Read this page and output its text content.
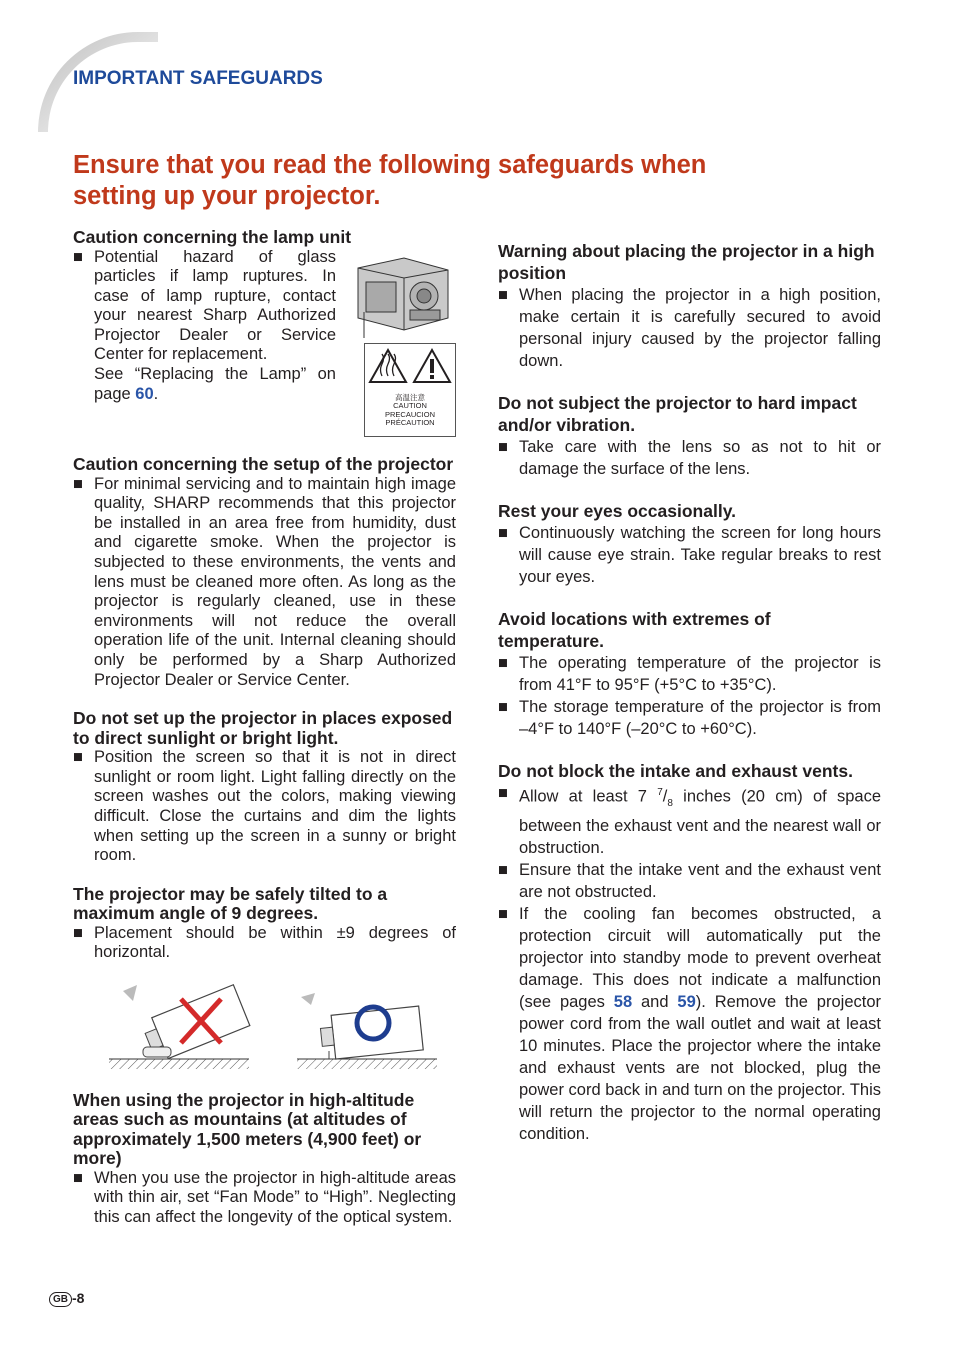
IMPORTANT SAFEGUARDS
Ensure that you read the following safeguards when
setting up your projector.
Caution concerning the lamp unit
高温注意
CAUTION
PRECAUCION
PRÉCAUTION
■ Potential hazard of glass particles if lamp ruptures. In case of lamp rupture, contact your nearest Sharp Authorized Projector Dealer or Service Center for replacement.

See “Replacing the Lamp” on page 60.

Caution concerning the setup of the projector
■ For minimal servicing and to maintain high image quality, SHARP recommends that this projector be installed in an area free from humidity, dust and cigarette smoke. When the projector is subjected to these environments, the vents and lens must be cleaned more often. As long as the projector is regularly cleaned, use in these environments will not reduce the overall operation life of the unit. Internal cleaning should only be performed by a Sharp Authorized Projector Dealer or Service Center.

Do not set up the projector in places exposed to direct sunlight or bright light.
■ Position the screen so that it is not in direct sunlight or room light. Light falling directly on the screen washes out the colors, making viewing difficult. Close the curtains and dim the lights when setting up the screen in a sunny or bright room.

The projector may be safely tilted to a maximum angle of 9 degrees.
■ Placement should be within ±9 degrees of horizontal.

When using the projector in high-altitude areas such as mountains (at altitudes of approximately 1,500 meters (4,900 feet) or more)
■ When you use the projector in high-altitude areas with thin air, set “Fan Mode” to “High”. Neglecting this can affect the longevity of the optical system.

Warning about placing the projector in a high position
■ When placing the projector in a high position, make certain it is carefully secured to avoid personal injury caused by the projector falling down.

Do not subject the projector to hard impact and/or vibration.
■ Take care with the lens so as not to hit or damage the surface of the lens.

Rest your eyes occasionally.
■ Continuously watching the screen for long hours will cause eye strain. Take regular breaks to rest your eyes.

Avoid locations with extremes of temperature.
■ The operating temperature of the projector is from 41°F to 95°F (+5°C to +35°C).

■ The storage temperature of the projector is from –4°F to 140°F (–20°C to +60°C).

Do not block the intake and exhaust vents.
■ Allow at least 7 $^7/_8$ inches (20 cm) of space between the exhaust vent and the nearest wall or obstruction.

■ Ensure that the intake vent and the exhaust vent are not obstructed.

■ If the cooling fan becomes obstructed, a protection circuit will automatically put the projector into standby mode to prevent overheat damage. This does not indicate a malfunction (see pages 58 and 59). Remove the projector power cord from the wall outlet and wait at least 10 minutes. Place the projector where the intake and exhaust vents are not blocked, plug the power cord back in and turn on the projector. This will return the projector to the normal operating condition.

GB -8
